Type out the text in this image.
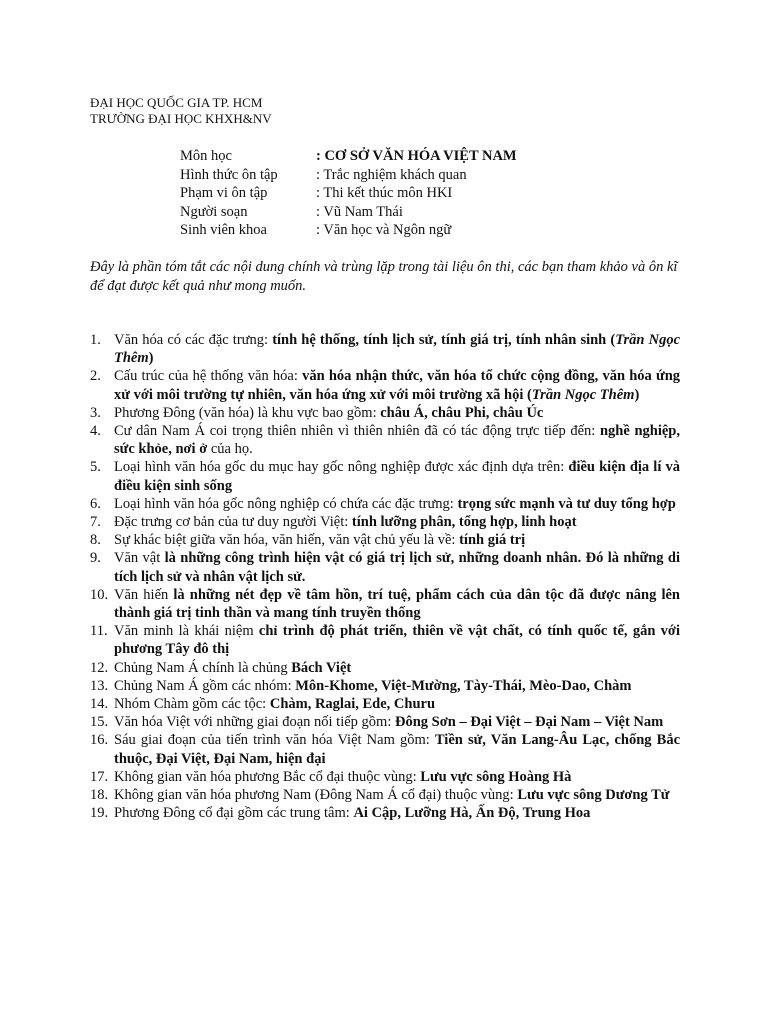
ĐẠI HỌC QUỐC GIA TP. HCM
TRƯỜNG ĐẠI HỌC KHXH&NV
Môn học	: CƠ SỞ VĂN HÓA VIỆT NAM
Hình thức ôn tập	: Trắc nghiệm khách quan
Phạm vi ôn tập	: Thi kết thúc môn HKI
Người soạn	: Vũ Nam Thái
Sinh viên khoa	: Văn học và Ngôn ngữ
Đây là phần tóm tắt các nội dung chính và trùng lặp trong tài liệu ôn thi, các bạn tham khảo và ôn kĩ để đạt được kết quả như mong muốn.
1. Văn hóa có các đặc trưng: tính hệ thống, tính lịch sử, tính giá trị, tính nhân sinh (Trần Ngọc Thêm)
2. Cấu trúc của hệ thống văn hóa: văn hóa nhận thức, văn hóa tổ chức cộng đồng, văn hóa ứng xử với môi trường tự nhiên, văn hóa ứng xử với môi trường xã hội (Trần Ngọc Thêm)
3. Phương Đông (văn hóa) là khu vực bao gồm: châu Á, châu Phi, châu Úc
4. Cư dân Nam Á coi trọng thiên nhiên vì thiên nhiên đã có tác động trực tiếp đến: nghề nghiệp, sức khỏe, nơi ở của họ.
5. Loại hình văn hóa gốc du mục hay gốc nông nghiệp được xác định dựa trên: điều kiện địa lí và điều kiện sinh sống
6. Loại hình văn hóa gốc nông nghiệp có chứa các đặc trưng: trọng sức mạnh và tư duy tổng hợp
7. Đặc trưng cơ bản của tư duy người Việt: tính lưỡng phân, tổng hợp, linh hoạt
8. Sự khác biệt giữa văn hóa, văn hiến, văn vật chủ yếu là về: tính giá trị
9. Văn vật là những công trình hiện vật có giá trị lịch sử, những doanh nhân. Đó là những di tích lịch sử và nhân vật lịch sử.
10. Văn hiến là những nét đẹp về tâm hồn, trí tuệ, phẩm cách của dân tộc đã được nâng lên thành giá trị tinh thần và mang tính truyền thống
11. Văn minh là khái niệm chỉ trình độ phát triển, thiên về vật chất, có tính quốc tế, gắn với phương Tây đô thị
12. Chủng Nam Á chính là chủng Bách Việt
13. Chủng Nam Á gồm các nhóm: Môn-Khome, Việt-Mường, Tày-Thái, Mèo-Dao, Chàm
14. Nhóm Chàm gồm các tộc: Chàm, Raglai, Ede, Churu
15. Văn hóa Việt với những giai đoạn nối tiếp gồm: Đông Sơn – Đại Việt – Đại Nam – Việt Nam
16. Sáu giai đoạn của tiến trình văn hóa Việt Nam gồm: Tiền sử, Văn Lang-Âu Lạc, chống Bắc thuộc, Đại Việt, Đại Nam, hiện đại
17. Không gian văn hóa phương Bắc cổ đại thuộc vùng: Lưu vực sông Hoàng Hà
18. Không gian văn hóa phương Nam (Đông Nam Á cổ đại) thuộc vùng: Lưu vực sông Dương Tử
19. Phương Đông cổ đại gồm các trung tâm: Ai Cập, Lưỡng Hà, Ấn Độ, Trung Hoa
